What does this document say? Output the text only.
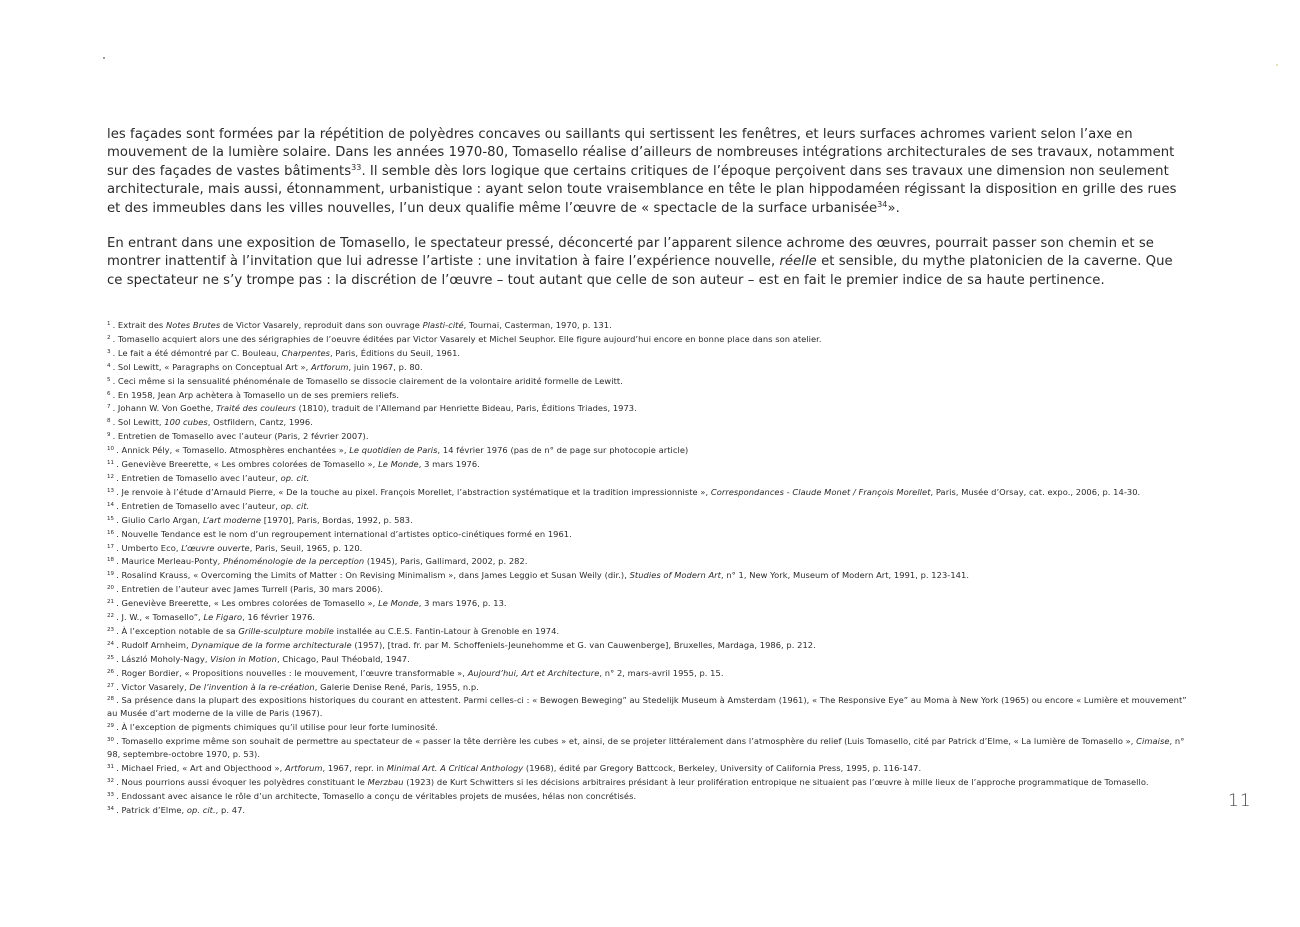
les façades sont formées par la répétition de polyèdres concaves ou saillants qui sertissent les fenêtres, et leurs surfaces achromes varient selon l’axe en mouvement de la lumière solaire. Dans les années 1970-80, Tomasello réalise d’ailleurs de nombreuses intégrations architecturales de ses travaux, notamment sur des façades de vastes bâtiments$^{33}$. Il semble dès lors logique que certains critiques de l’époque perçoivent dans ses travaux une dimension non seulement architecturale, mais aussi, étonnamment, urbanistique : ayant selon toute vraisemblance en tête le plan hippodaméen régissant la disposition en grille des rues et des immeubles dans les villes nouvelles, l’un deux qualifie même l’œuvre de « spectacle de la surface urbanisée$^{34}$».

En entrant dans une exposition de Tomasello, le spectateur pressé, déconcerté par l’apparent silence achrome des œuvres, pourrait passer son chemin et se montrer inattentif à l’invitation que lui adresse l’artiste : une invitation à faire l’expérience nouvelle, réelle et sensible, du mythe platonicien de la caverne. Que ce spectateur ne s’y trompe pas : la discrétion de l’œuvre – tout autant que celle de son auteur – est en fait le premier indice de sa haute pertinence.

$^1$ . Extrait des Notes Brutes de Victor Vasarely, reproduit dans son ouvrage Plasti-cité, Tournai, Casterman, 1970, p. 131.

$^2$ . Tomasello acquiert alors une des sérigraphies de l’oeuvre éditées par Victor Vasarely et Michel Seuphor. Elle figure aujourd’hui encore en bonne place dans son atelier.

$^3$ . Le fait a été démontré par C. Bouleau, Charpentes, Paris, Éditions du Seuil, 1961.

$^4$ . Sol Lewitt, « Paragraphs on Conceptual Art », Artforum, juin 1967, p. 80.

$^5$ . Ceci même si la sensualité phénoménale de Tomasello se dissocie clairement de la volontaire aridité formelle de Lewitt.

$^6$ . En 1958, Jean Arp achètera à Tomasello un de ses premiers reliefs.

$^7$ . Johann W. Von Goethe, Traité des couleurs (1810), traduit de l’Allemand par Henriette Bideau, Paris, Éditions Triades, 1973.

$^8$ . Sol Lewitt, 100 cubes, Ostfildern, Cantz, 1996.

$^9$ . Entretien de Tomasello avec l’auteur (Paris, 2 février 2007).

$^{10}$ . Annick Pély, « Tomasello. Atmosphères enchantées », Le quotidien de Paris, 14 février 1976 (pas de n° de page sur photocopie article)

$^{11}$ . Geneviève Breerette, « Les ombres colorées de Tomasello », Le Monde, 3 mars 1976.

$^{12}$ . Entretien de Tomasello avec l’auteur, op. cit.

$^{13}$ . Je renvoie à l’étude d’Arnauld Pierre, « De la touche au pixel. François Morellet, l’abstraction systématique et la tradition impressionniste », Correspondances - Claude Monet / François Morellet, Paris, Musée d’Orsay, cat. expo., 2006, p. 14-30.

$^{14}$ . Entretien de Tomasello avec l’auteur, op. cit.

$^{15}$ . Giulio Carlo Argan, L’art moderne [1970], Paris, Bordas, 1992, p. 583.

$^{16}$ . Nouvelle Tendance est le nom d’un regroupement international d’artistes optico-cinétiques formé en 1961.

$^{17}$ . Umberto Eco, L’œuvre ouverte, Paris, Seuil, 1965, p. 120.

$^{18}$ . Maurice Merleau-Ponty, Phénoménologie de la perception (1945), Paris, Gallimard, 2002, p. 282.

$^{19}$ . Rosalind Krauss, « Overcoming the Limits of Matter : On Revising Minimalism », dans James Leggio et Susan Weily (dir.), Studies of Modern Art, n° 1, New York, Museum of Modern Art, 1991, p. 123-141.

$^{20}$ . Entretien de l’auteur avec James Turrell (Paris, 30 mars 2006).

$^{21}$ . Geneviève Breerette, « Les ombres colorées de Tomasello », Le Monde, 3 mars 1976, p. 13.

$^{22}$ . J. W., « Tomasello”, Le Figaro, 16 février 1976.

$^{23}$ . À l’exception notable de sa Grille-sculpture mobile installée au C.E.S. Fantin-Latour à Grenoble en 1974.

$^{24}$ . Rudolf Arnheim, Dynamique de la forme architecturale (1957), [trad. fr. par M. Schoffeniels-Jeunehomme et G. van Cauwenberge], Bruxelles, Mardaga, 1986, p. 212.

$^{25}$ . László Moholy-Nagy, Vision in Motion, Chicago, Paul Théobald, 1947.

$^{26}$ . Roger Bordier, « Propositions nouvelles : le mouvement, l’œuvre transformable », Aujourd’hui, Art et Architecture, n° 2, mars-avril 1955, p. 15.

$^{27}$ . Victor Vasarely, De l’invention à la re-création, Galerie Denise René, Paris, 1955, n.p.

$^{28}$ . Sa présence dans la plupart des expositions historiques du courant en attestent. Parmi celles-ci : « Bewogen Beweging” au Stedelijk Museum à Amsterdam (1961), « The Responsive Eye” au Moma à New York (1965) ou encore « Lumière et mouvement” au Musée d’art moderne de la ville de Paris (1967).

$^{29}$ . À l’exception de pigments chimiques qu’il utilise pour leur forte luminosité.

$^{30}$ . Tomasello exprime même son souhait de permettre au spectateur de « passer la tête derrière les cubes » et, ainsi, de se projeter littéralement dans l’atmosphère du relief (Luis Tomasello, cité par Patrick d’Elme, « La lumière de Tomasello », Cimaise, n° 98, septembre-octobre 1970, p. 53).

$^{31}$ . Michael Fried, « Art and Objecthood », Artforum, 1967, repr. in Minimal Art. A Critical Anthology (1968), édité par Gregory Battcock, Berkeley, University of California Press, 1995, p. 116-147.

$^{32}$ . Nous pourrions aussi évoquer les polyèdres constituant le Merzbau (1923) de Kurt Schwitters si les décisions arbitraires présidant à leur prolifération entropique ne situaient pas l’œuvre à mille lieux de l’approche programmatique de Tomasello.

$^{33}$ . Endossant avec aisance le rôle d’un architecte, Tomasello a conçu de véritables projets de musées, hélas non concrétisés.

$^{34}$ . Patrick d’Elme, op. cit., p. 47.	11
